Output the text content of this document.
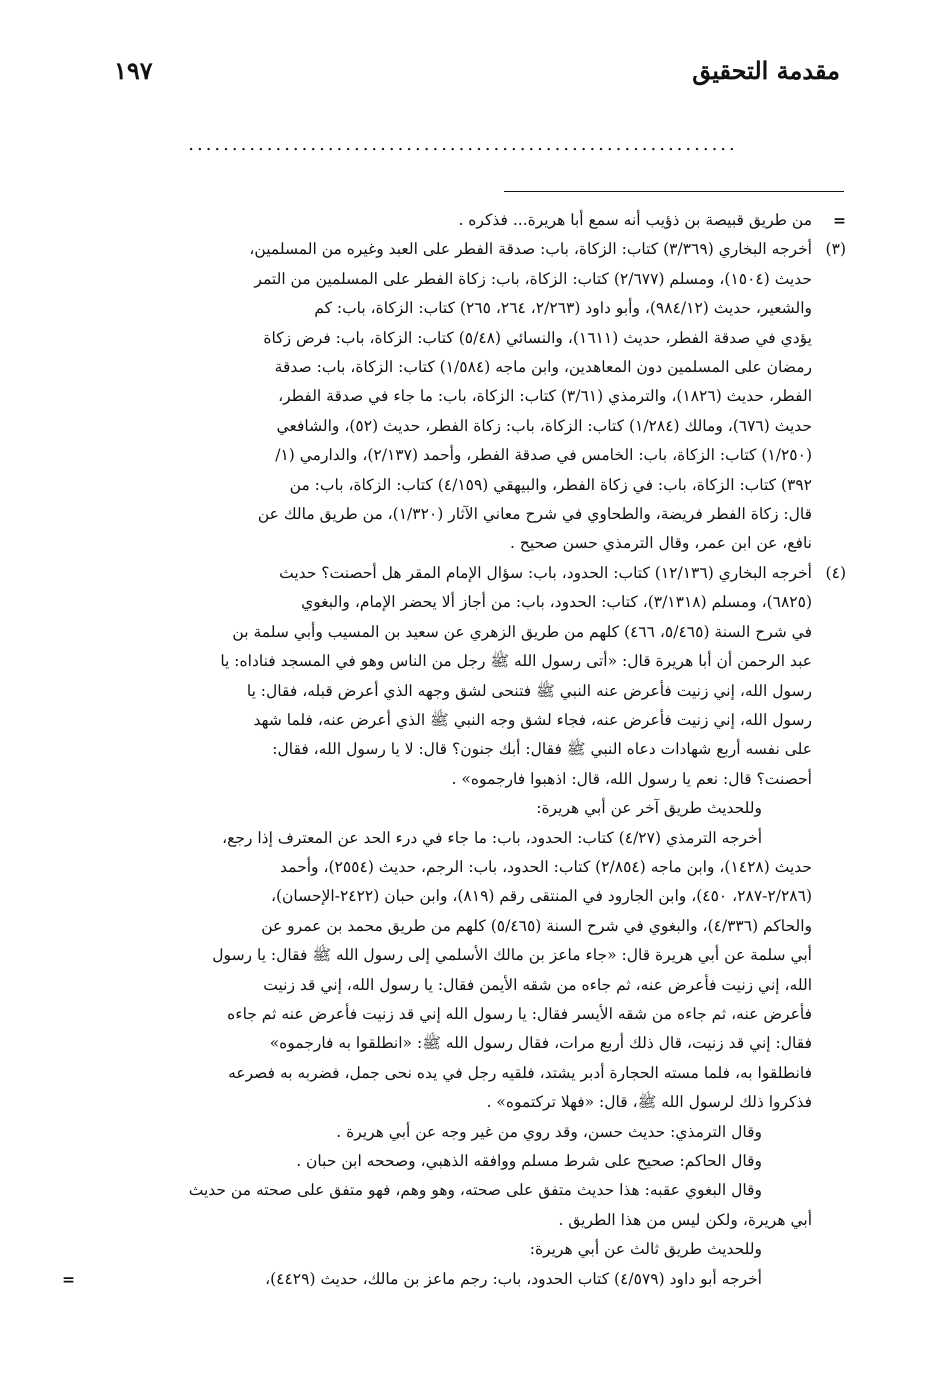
مقدمة التحقيق
١٩٧
...............................................................
=
من طريق قبيصة بن ذؤيب أنه سمع أبا هريرة... فذكره .
(٣)
أخرجه البخاري (٣/٣٦٩) كتاب: الزكاة، باب: صدقة الفطر على العبد وغيره من المسلمين،
حديث (١٥٠٤)، ومسلم (٢/٦٧٧) كتاب: الزكاة، باب: زكاة الفطر على المسلمين من التمر
والشعير، حديث (٩٨٤/١٢)، وأبو داود (٢/٢٦٣، ٢٦٤، ٢٦٥) كتاب: الزكاة، باب: كم
يؤدي في صدقة الفطر، حديث (١٦١١)، والنسائي (٥/٤٨) كتاب: الزكاة، باب: فرض زكاة
رمضان على المسلمين دون المعاهدين، وابن ماجه (١/٥٨٤) كتاب: الزكاة، باب: صدقة
الفطر، حديث (١٨٢٦)، والترمذي (٣/٦١) كتاب: الزكاة، باب: ما جاء في صدقة الفطر،
حديث (٦٧٦)، ومالك (١/٢٨٤) كتاب: الزكاة، باب: زكاة الفطر، حديث (٥٢)، والشافعي
(١/٢٥٠) كتاب: الزكاة، باب: الخامس في صدقة الفطر، وأحمد (٢/١٣٧)، والدارمي (١/
٣٩٢) كتاب: الزكاة، باب: في زكاة الفطر، والبيهقي (٤/١٥٩) كتاب: الزكاة، باب: من
قال: زكاة الفطر فريضة، والطحاوي في شرح معاني الآثار (١/٣٢٠)، من طريق مالك عن
نافع، عن ابن عمر، وقال الترمذي حسن صحيح .
(٤)
أخرجه البخاري (١٢/١٣٦) كتاب: الحدود، باب: سؤال الإمام المقر هل أحصنت؟ حديث
(٦٨٢٥)، ومسلم (٣/١٣١٨)، كتاب: الحدود، باب: من أجاز ألا يحضر الإمام، والبغوي
في شرح السنة (٥/٤٦٥، ٤٦٦) كلهم من طريق الزهري عن سعيد بن المسيب وأبي سلمة بن
عبد الرحمن أن أبا هريرة قال: «أتى رسول الله ﷺ رجل من الناس وهو في المسجد فناداه: يا
رسول الله، إني زنيت فأعرض عنه النبي ﷺ فتنحى لشق وجهه الذي أعرض قبله، فقال: يا
رسول الله، إني زنيت فأعرض عنه، فجاء لشق وجه النبي ﷺ الذي أعرض عنه، فلما شهد
على نفسه أربع شهادات دعاه النبي ﷺ فقال: أبك جنون؟ قال: لا يا رسول الله، فقال:
أحصنت؟ قال: نعم يا رسول الله، قال: اذهبوا فارجموه» .
وللحديث طريق آخر عن أبي هريرة:
أخرجه الترمذي (٤/٢٧) كتاب: الحدود، باب: ما جاء في درء الحد عن المعترف إذا رجع،
حديث (١٤٢٨)، وابن ماجه (٢/٨٥٤) كتاب: الحدود، باب: الرجم، حديث (٢٥٥٤)، وأحمد
(٢/٢٨٦-٢٨٧، ٤٥٠)، وابن الجارود في المنتقى رقم (٨١٩)، وابن حبان (٢٤٢٢-الإحسان)،
والحاكم (٤/٣٣٦)، والبغوي في شرح السنة (٥/٤٦٥) كلهم من طريق محمد بن عمرو عن
أبي سلمة عن أبي هريرة قال: «جاء ماعز بن مالك الأسلمي إلى رسول الله ﷺ فقال: يا رسول
الله، إني زنيت فأعرض عنه، ثم جاءه من شقه الأيمن فقال: يا رسول الله، إني قد زنيت
فأعرض عنه، ثم جاءه من شقه الأيسر فقال: يا رسول الله إني قد زنيت فأعرض عنه ثم جاءه
فقال: إني قد زنيت، قال ذلك أربع مرات، فقال رسول الله ﷺ: «انطلقوا به فارجموه»
فانطلقوا به، فلما مسته الحجارة أدبر يشتد، فلقيه رجل في يده نحى جمل، فضربه به فصرعه
فذكروا ذلك لرسول الله ﷺ، قال: «فهلا تركتموه» .
وقال الترمذي: حديث حسن، وقد روي من غير وجه عن أبي هريرة .
وقال الحاكم: صحيح على شرط مسلم ووافقه الذهبي، وصححه ابن حبان .
وقال البغوي عقبه: هذا حديث متفق على صحته، وهو وهم، فهو متفق على صحته من حديث
أبي هريرة، ولكن ليس من هذا الطريق .
وللحديث طريق ثالث عن أبي هريرة:
أخرجه أبو داود (٤/٥٧٩) كتاب الحدود، باب: رجم ماعز بن مالك، حديث (٤٤٢٩)،
=
